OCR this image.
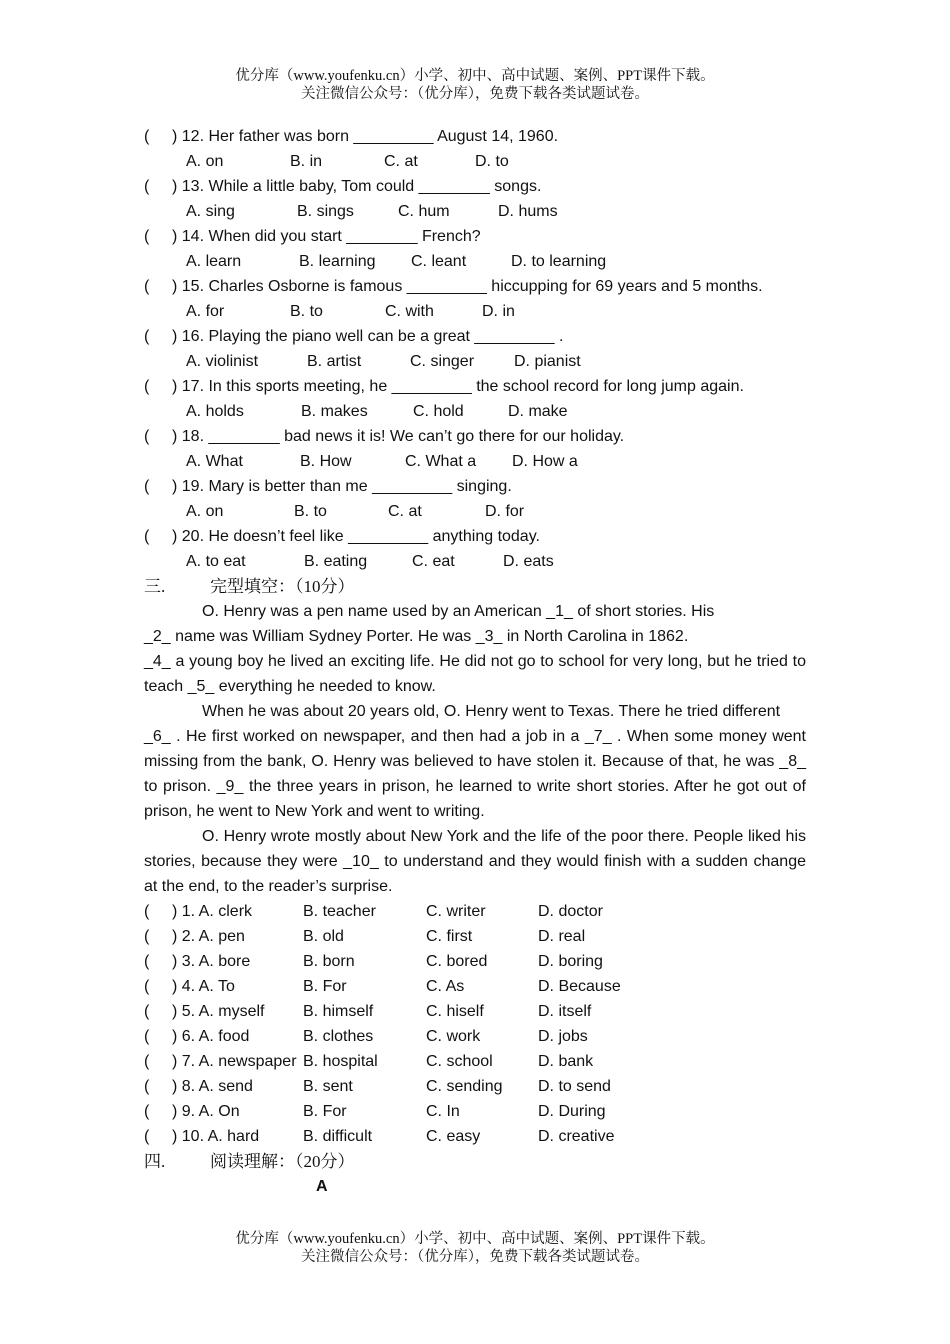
优分库（www.youfenku.cn）小学、初中、高中试题、案例、PPT课件下载。
关注微信公众号：（优分库），免费下载各类试题试卷。
( ) 12. Her father was born _________ August 14, 1960.
A. on	B. in	C. at	D. to
( ) 13. While a little baby, Tom could ________ songs.
A. sing	B. sings	C. hum	D. hums
( ) 14. When did you start ________ French?
A. learn	B. learning C. leant	D. to learning
( ) 15. Charles Osborne is famous _________ hiccupping for 69 years and 5 months.
A. for	B. to	C. with	D. in
( ) 16. Playing the piano well can be a great _________ .
A. violinist	B. artist	C. singer D. pianist
( ) 17. In this sports meeting, he _________ the school record for long jump again.
A. holds	B. makes	C. hold	D. make
( ) 18. ________ bad news it is! We can’t go there for our holiday.
A. What	B. How	C. What a D. How a
( ) 19. Mary is better than me _________ singing.
A. on	B. to	C. at	D. for
( ) 20. He doesn’t feel like _________ anything today.
A. to eat	B. eating	C. eat	D. eats
三.	完型填空：（10分）
O. Henry was a pen name used by an American _1_ of short stories. His
_2_ name was William Sydney Porter. He was _3_ in North Carolina in 1862.
_4_ a young boy he lived an exciting life. He did not go to school for very long, but he tried to teach _5_ everything he needed to know.
When he was about 20 years old, O. Henry went to Texas. There he tried different
_6_ . He first worked on newspaper, and then had a job in a _7_ . When some money went missing from the bank, O. Henry was believed to have stolen it. Because of that, he was _8_ to prison. _9_ the three years in prison, he learned to write short stories. After he got out of prison, he went to New York and went to writing.
O. Henry wrote mostly about New York and the life of the poor there. People liked his stories, because they were _10_ to understand and they would finish with a sudden change at the end, to the reader’s surprise.
( ) 1. A. clerk	B. teacher	C. writer	D. doctor
( ) 2. A. pen	B. old	C. first	D. real
( ) 3. A. bore	B. born	C. bored	D. boring
( ) 4. A. To	B. For	C. As	D. Because
( ) 5. A. myself B. himself	C. hiself	D. itself
( ) 6. A. food	B. clothes	C. work	D. jobs
( ) 7. A. newspaper B. hospital	C. school	D. bank
( ) 8. A. send	B. sent	C. sending D. to send
( ) 9. A. On	B. For	C. In	D. During
( ) 10. A. hard	B. difficult	C. easy	D. creative
四.	阅读理解：（20分）
A
优分库（www.youfenku.cn）小学、初中、高中试题、案例、PPT课件下载。
关注微信公众号：（优分库），免费下载各类试题试卷。
